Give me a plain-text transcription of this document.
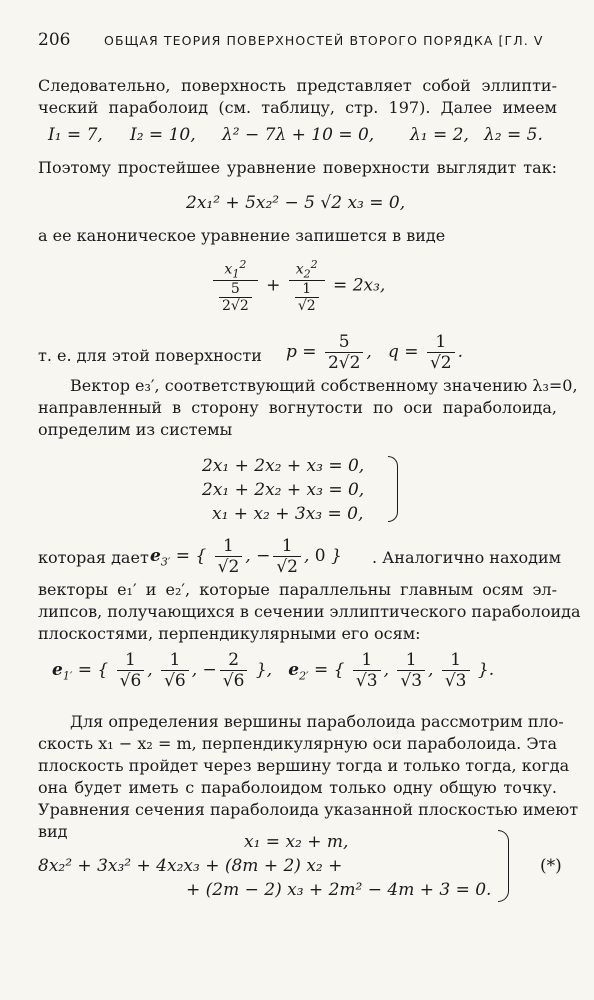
206	ОБЩАЯ ТЕОРИЯ ПОВЕРХНОСТЕЙ ВТОРОГО ПОРЯДКА [ГЛ. V
Следовательно, поверхность представляет собой эллипти-
ческий параболоид (см. таблицу, стр. 197). Далее имеем
I₁ = 7, I₂ = 10, λ² − 7λ + 10 = 0, λ₁ = 2, λ₂ = 5.
Поэтому простейшее уравнение поверхности выглядит так:
2x₁² + 5x₂² − 5 √2 x₃ = 0,
а ее каноническое уравнение запишется в виде
$\frac{x_1^2}{\frac{5}{2√2}} + \frac{x_2^2}{\frac{1}{√2}} = 2x_3$,
т. е. для этой поверхности $p = \frac{5}{2√2}$ ,   $q = \frac{1}{√2}$ .
Вектор e₃′, соответствующий собственному значению λ₃=0,
направленный в сторону вогнутости по оси параболоида,
определим из системы
2x₁ + 2x₂ + x₃ = 0,
2x₁ + 2x₂ + x₃ = 0,
x₁ + x₂ + 3x₃ = 0,
которая дает $e_{3'}$ = { $\frac{1}{√2}$ , − $\frac{1}{√2}$ , 0 } . Аналогично находим
векторы e₁′ и e₂′, которые параллельны главным осям эл-
липсов, получающихся в сечении эллиптического параболоида
плоскостями, перпендикулярными его осям:
$e_{1'}$ = { $\frac{1}{√6}$ , $\frac{1}{√6}$ , − $\frac{2}{√6}$ },   $e_{2'}$ = { $\frac{1}{√3}$ , $\frac{1}{√3}$ , $\frac{1}{√3}$ }.
Для определения вершины параболоида рассмотрим пло-
скость x₁ − x₂ = m, перпендикулярную оси параболоида. Эта
плоскость пройдет через вершину тогда и только тогда, когда
она будет иметь с параболоидом только одну общую точку.
Уравнения сечения параболоида указанной плоскостью имеют
вид
x₁ = x₂ + m,
8x₂² + 3x₃² + 4x₂x₃ + (8m + 2) x₂ +
+ (2m − 2) x₃ + 2m² − 4m + 3 = 0.
(*)
